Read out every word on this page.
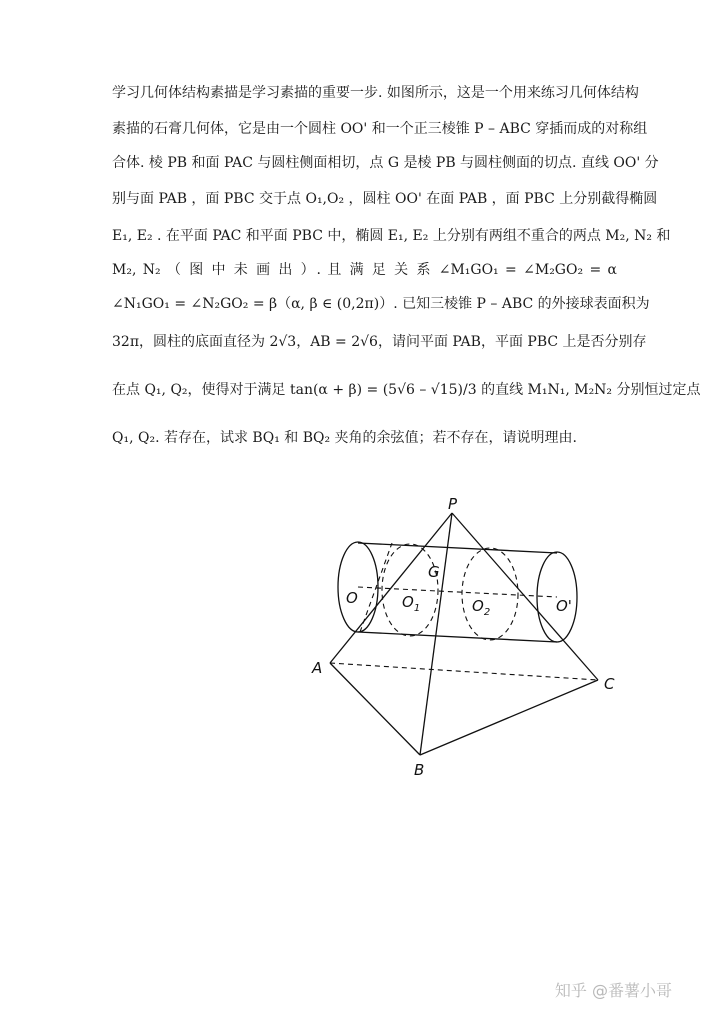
学习几何体结构素描是学习素描的重要一步. 如图所示，这是一个用来练习几何体结构
素描的石膏几何体，它是由一个圆柱 OO' 和一个正三棱锥 P – ABC 穿插而成的对称组
合体. 棱 PB 和面 PAC 与圆柱侧面相切，点 G 是棱 PB 与圆柱侧面的切点. 直线 OO' 分
别与面 PAB ，面 PBC 交于点 O₁,O₂ ，圆柱 OO' 在面 PAB ，面 PBC 上分别截得椭圆
E₁, E₂ . 在平面 PAC 和平面 PBC 中，椭圆 E₁, E₂ 上分别有两组不重合的两点 M₂, N₂ 和
M₂, N₂ （ 图 中 未 画 出 ）. 且 满 足 关 系 ∠M₁GO₁ = ∠M₂GO₂ = α
∠N₁GO₁ = ∠N₂GO₂ = β（α, β ∈ (0,2π)）. 已知三棱锥 P – ABC 的外接球表面积为
32π，圆柱的底面直径为 2√3，AB = 2√6，请问平面 PAB，平面 PBC 上是否分别存
在点 Q₁, Q₂，使得对于满足 tan(α + β) = (5√6 – √15)/3 的直线 M₁N₁, M₂N₂ 分别恒过定点
Q₁, Q₂. 若存在，试求 BQ₁ 和 BQ₂ 夹角的余弦值；若不存在，请说明理由.
P
G
O	$O_1$	$O_2$	O'
A
B
C
知乎 @番薯小哥
